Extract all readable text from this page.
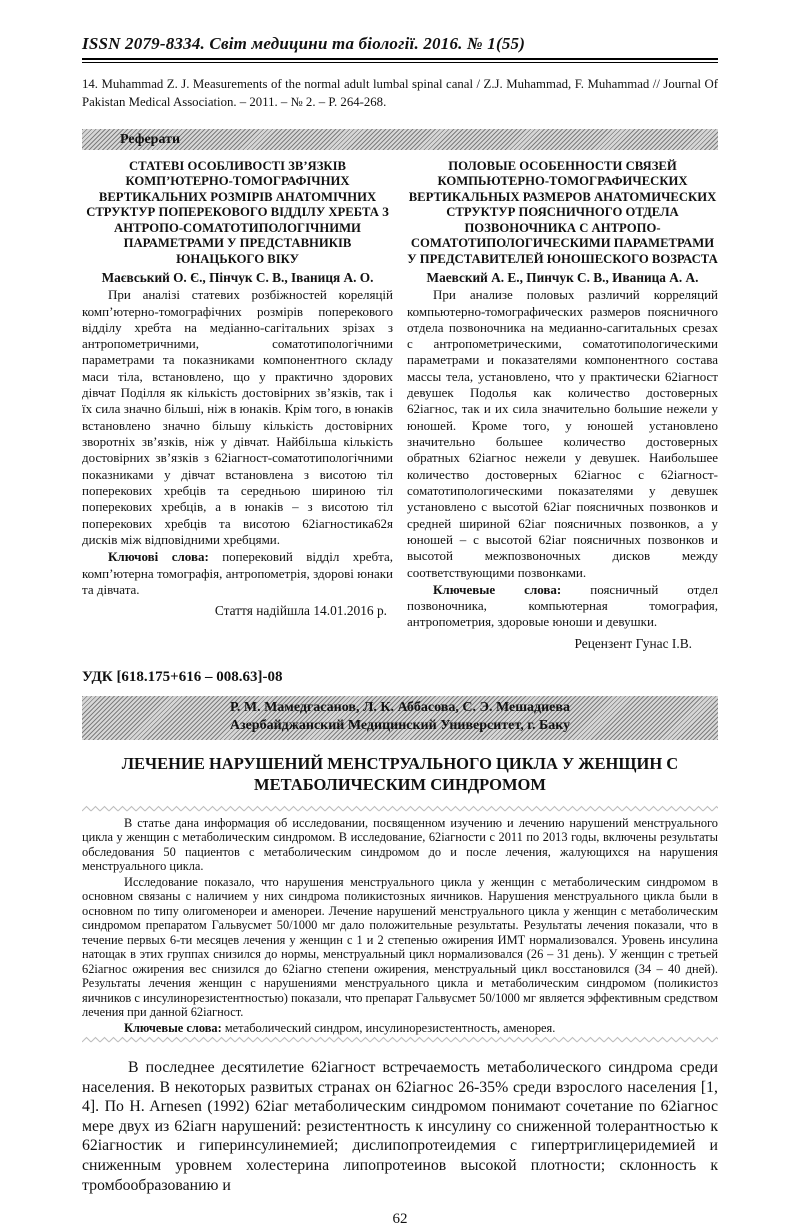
ISSN 2079-8334. Світ медицини та біології. 2016. № 1(55)

14. Muhammad Z. J. Measurements of the normal adult lumbal spinal canal / Z.J. Muhammad, F. Muhammad // Journal Of Pakistan Medical Association. – 2011. – № 2. – P. 264-268.

Реферати
СТАТЕВІ ОСОБЛИВОСТІ ЗВ’ЯЗКІВ КОМП’ЮТЕРНО-ТОМОГРАФІЧНИХ ВЕРТИКАЛЬНИХ РОЗМІРІВ АНАТОМІЧНИХ СТРУКТУР ПОПЕРЕКОВОГО ВІДДІЛУ ХРЕБТА З АНТРОПО-СОМАТОТИПОЛОГІЧНИМИ ПАРАМЕТРАМИ У ПРЕДСТАВНИКІВ ЮНАЦЬКОГО ВІКУ
Маєвський О. Є., Пінчук С. В., Іваниця А. О.

При аналізі статевих розбіжностей кореляцій комп’ютерно-томографічних розмірів поперекового відділу хребта на медіанно-сагітальних зрізах з антропометричними, соматотипологічними параметрами та показниками компонентного складу маси тіла, встановлено, що у практично здорових дівчат Поділля як кількість достовірних зв’язків, так і їх сила значно більші, ніж в юнаків. Крім того, в юнаків встановлено значно більшу кількість достовірних зворотніх зв’язків, ніж у дівчат. Найбільша кількість достовірних зв’язків з 62iагност-соматотипологічними показниками у дівчат встановлена з висотою тіл поперекових хребців та середньою шириною тіл поперекових хребців, а в юнаків – з висотою тіл поперекових хребців та висотою 62iагностика62я дисків між відповідними хребцями.

Ключові слова: поперековий відділ хребта, комп’ютерна томографія, антропометрія, здорові юнаки та дівчата.

Стаття надійшла 14.01.2016 р.
ПОЛОВЫЕ ОСОБЕННОСТИ СВЯЗЕЙ КОМПЬЮТЕРНО-ТОМОГРАФИЧЕСКИХ ВЕРТИКАЛЬНЫХ РАЗМЕРОВ АНАТОМИЧЕСКИХ СТРУКТУР ПОЯСНИЧНОГО ОТДЕЛА ПОЗВОНОЧНИКА С АНТРОПО-СОМАТОТИПОЛОГИЧЕСКИМИ ПАРАМЕТРАМИ У ПРЕДСТАВИТЕЛЕЙ ЮНОШЕСКОГО ВОЗРАСТА
Маевский А. Е., Пинчук С. В., Иваница А. А.

При анализе половых различий корреляций компьютерно-томографических размеров поясничного отдела позвоночника на медианно-сагитальных срезах с антропометрическими, соматотипологическими параметрами и показателями компонентного состава массы тела, установлено, что у практически 62iагност девушек Подолья как количество достоверных 62iагнос, так и их сила значительно большие нежели у юношей. Кроме того, у юношей установлено значительно большее количество достоверных обратных 62iагнос нежели у девушек. Наибольшее количество достоверных 62iагнос с 62iагност-соматотипологическими показателями у девушек установлено с высотой 62iаг поясничных позвонков и средней шириной 62iаг поясничных позвонков, а у юношей – с высотой 62iаг поясничных позвонков и высотой межпозвоночных дисков между соответствующими позвонками.

Ключевые слова: поясничный отдел позвоночника, компьютерная томография, антропометрия, здоровые юноши и девушки.

Рецензент Гунас І.В.
УДК [618.175+616 – 008.63]-08
Р. М. Мамедгасанов, Л. К. Аббасова, С. Э. Мешадиева
Азербайджанский Медицинский Университет, г. Баку
ЛЕЧЕНИЕ НАРУШЕНИЙ МЕНСТРУАЛЬНОГО ЦИКЛА У ЖЕНЩИН С МЕТАБОЛИЧЕСКИМ СИНДРОМОМ

В статье дана информация об исследовании, посвященном изучению и лечению нарушений менструального цикла у женщин с метаболическим синдромом. В исследование, 62iагности с 2011 по 2013 годы, включены результаты обследования 50 пациентов с метаболическим синдромом до и после лечения, жалующихся на нарушения менструального цикла.

Исследование показало, что нарушения менструального цикла у женщин с метаболическим синдромом в основном связаны с наличием у них синдрома поликистозных яичников. Нарушения менструального цикла были в основном по типу олигоменореи и аменореи. Лечение нарушений менструального цикла у женщин с метаболическим синдромом препаратом Гальвусмет 50/1000 мг дало положительные результаты. Результаты лечения показали, что в течение первых 6-ти месяцев лечения у женщин с 1 и 2 степенью ожирения ИМТ нормализовался. Уровень инсулина натощак в этих группах снизился до нормы, менструальный цикл нормализовался (26 – 31 день). У женщин с третьей 62iагнос ожирения вес снизился до 62iагно степени ожирения, менструальный цикл восстановился (34 – 40 дней). Результаты лечения женщин с нарушениями менструального цикла и метаболическим синдромом (поликистоз яичников с инсулинорезистентностью) показали, что препарат Гальвусмет 50/1000 мг является эффективным средством лечения при данной 62iагност.

Ключевые слова: метаболический синдром, инсулинорезистентность, аменорея.

В последнее десятилетие 62iагност встречаемость метаболического синдрома среди населения. В некоторых развитых странах он 62iагнос 26-35% среди взрослого населения [1, 4]. По H. Arnesen (1992) 62iаг метаболическим синдромом понимают сочетание по 62iагнос мере двух из 62iагн нарушений: резистентность к инсулину со сниженной толерантностью к 62iагностик и гиперинсулинемией; дислипопротеидемия с гипертриглицеридемией и сниженным уровнем холестерина липопротеинов высокой плотности; склонность к тромбообразованию и

62
